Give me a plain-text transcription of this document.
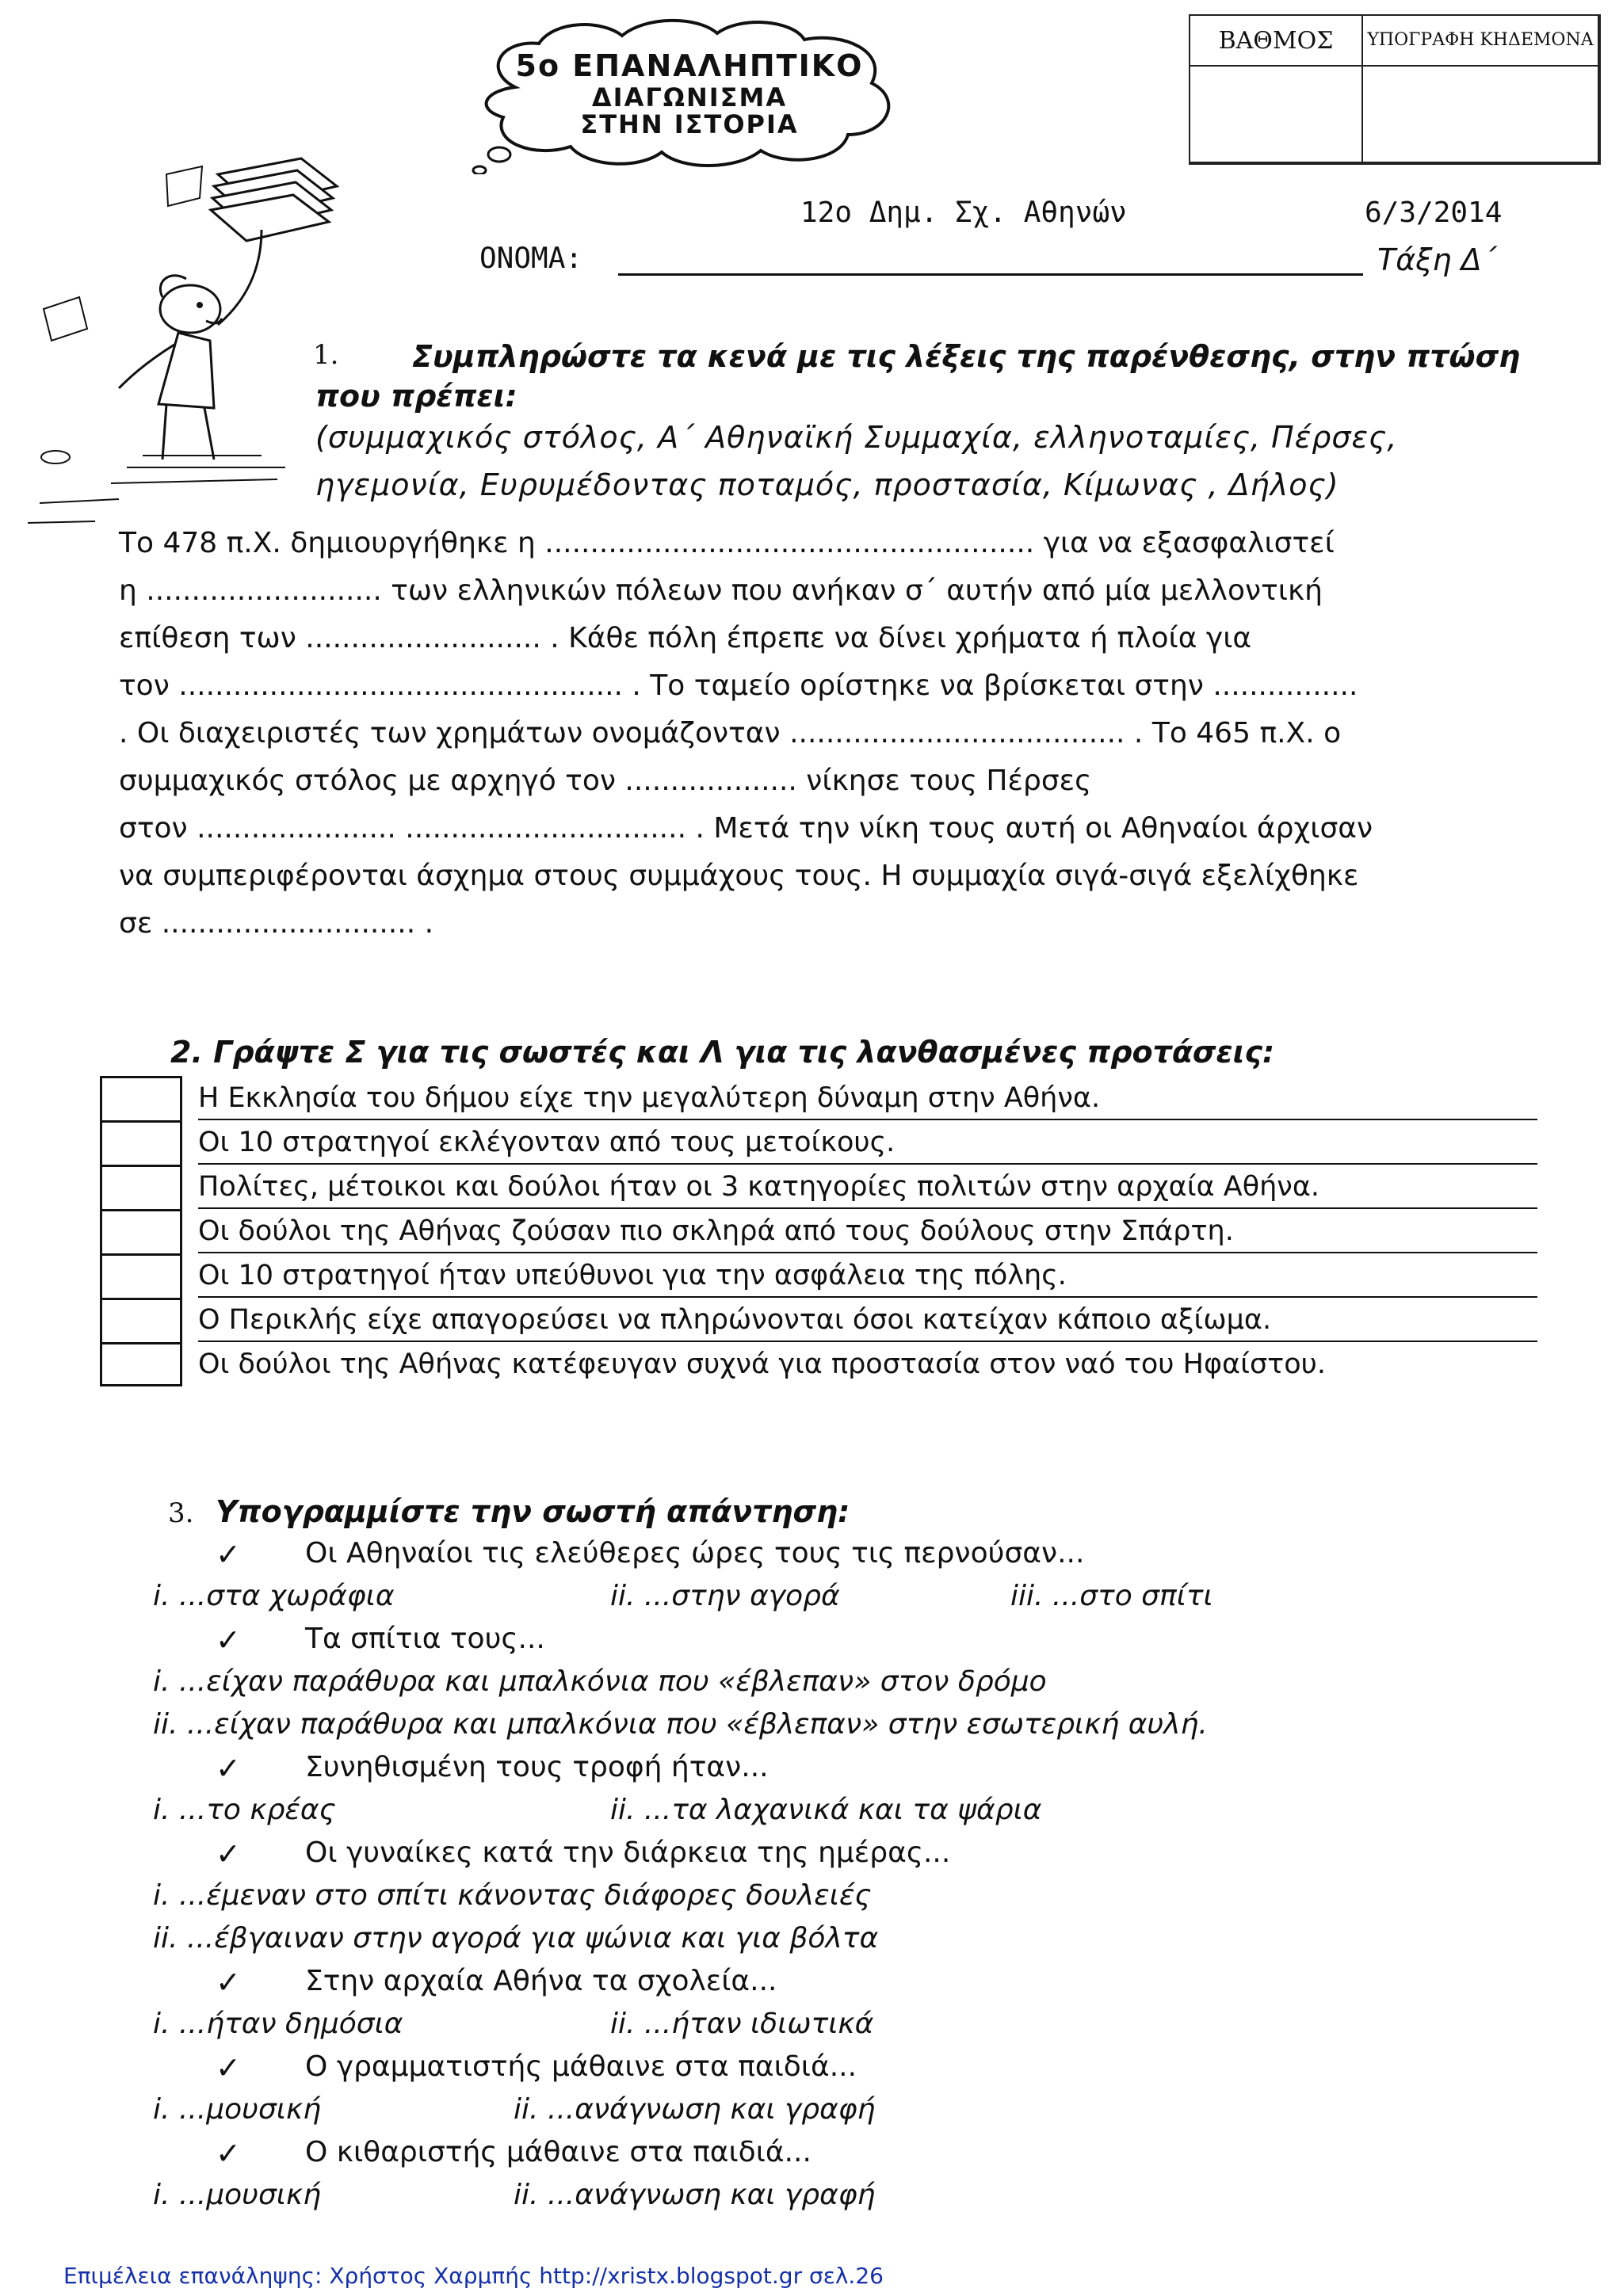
5ο ΕΠΑΝΑΛΗΠΤΙΚΟ
ΔΙΑΓΩΝΙΣΜΑ
ΣΤΗΝ ΙΣΤΟΡΙΑ
ΒΑΘΜΟΣ	ΥΠΟΓΡΑΦΗ ΚΗΔΕΜΟΝΑ
12ο Δημ. Σχ. Αθηνών	6/3/2014
ΟΝΟΜΑ:	Τάξη Δ΄
1. Συμπληρώστε τα κενά με τις λέξεις της παρένθεσης, στην πτώση
που πρέπει:
(συμμαχικός στόλος, Α΄ Αθηναϊκή Συμμαχία, ελληνοταμίες, Πέρσες,
ηγεμονία, Ευρυμέδοντας ποταμός, προστασία, Κίμωνας , Δήλος)
Το 478 π.Χ. δημιουργήθηκε η ...................................................... για να εξασφαλιστεί
η .......................... των ελληνικών πόλεων που ανήκαν σ΄ αυτήν από μία μελλοντική
επίθεση των .......................... . Κάθε πόλη έπρεπε να δίνει χρήματα ή πλοία για
τον ................................................. . Το ταμείο ορίστηκε να βρίσκεται στην ................
. Οι διαχειριστές των χρημάτων ονομάζονταν ..................................... . Το 465 π.Χ. ο
συμμαχικός στόλος με αρχηγό τον ................... νίκησε τους Πέρσες
στον ...................... ............................... . Μετά την νίκη τους αυτή οι Αθηναίοι άρχισαν
να συμπεριφέρονται άσχημα στους συμμάχους τους. Η συμμαχία σιγά-σιγά εξελίχθηκε
σε ............................ .
2. Γράψτε Σ για τις σωστές και Λ για τις λανθασμένες προτάσεις:
Η Εκκλησία του δήμου είχε την μεγαλύτερη δύναμη στην Αθήνα.
Οι 10 στρατηγοί εκλέγονταν από τους μετοίκους.
Πολίτες, μέτοικοι και δούλοι ήταν οι 3 κατηγορίες πολιτών στην αρχαία Αθήνα.
Οι δούλοι της Αθήνας ζούσαν πιο σκληρά από τους δούλους στην Σπάρτη.
Οι 10 στρατηγοί ήταν υπεύθυνοι για την ασφάλεια της πόλης.
Ο Περικλής είχε απαγορεύσει να πληρώνονται όσοι κατείχαν κάποιο αξίωμα.
Οι δούλοι της Αθήνας κατέφευγαν συχνά για προστασία στον ναό του Ηφαίστου.
3. Υπογραμμίστε την σωστή απάντηση:
✓ Οι Αθηναίοι τις ελεύθερες ώρες τους τις περνούσαν...
i. ...στα χωράφια	ii. ...στην αγορά	iii. ...στο σπίτι
✓ Τα σπίτια τους...
i. ...είχαν παράθυρα και μπαλκόνια που «έβλεπαν» στον δρόμο
ii. ...είχαν παράθυρα και μπαλκόνια που «έβλεπαν» στην εσωτερική αυλή.
✓ Συνηθισμένη τους τροφή ήταν...
i. ...το κρέας	ii. ...τα λαχανικά και τα ψάρια
✓ Οι γυναίκες κατά την διάρκεια της ημέρας...
i. ...έμεναν στο σπίτι κάνοντας διάφορες δουλειές
ii. ...έβγαιναν στην αγορά για ψώνια και για βόλτα
✓ Στην αρχαία Αθήνα τα σχολεία...
i. ...ήταν δημόσια	ii. ...ήταν ιδιωτικά
✓ Ο γραμματιστής μάθαινε στα παιδιά...
i. ...μουσική	ii. ...ανάγνωση και γραφή
✓ Ο κιθαριστής μάθαινε στα παιδιά...
i. ...μουσική	ii. ...ανάγνωση και γραφή
Επιμέλεια επανάληψης: Χρήστος Χαρμπής http://xristx.blogspot.gr σελ.26
